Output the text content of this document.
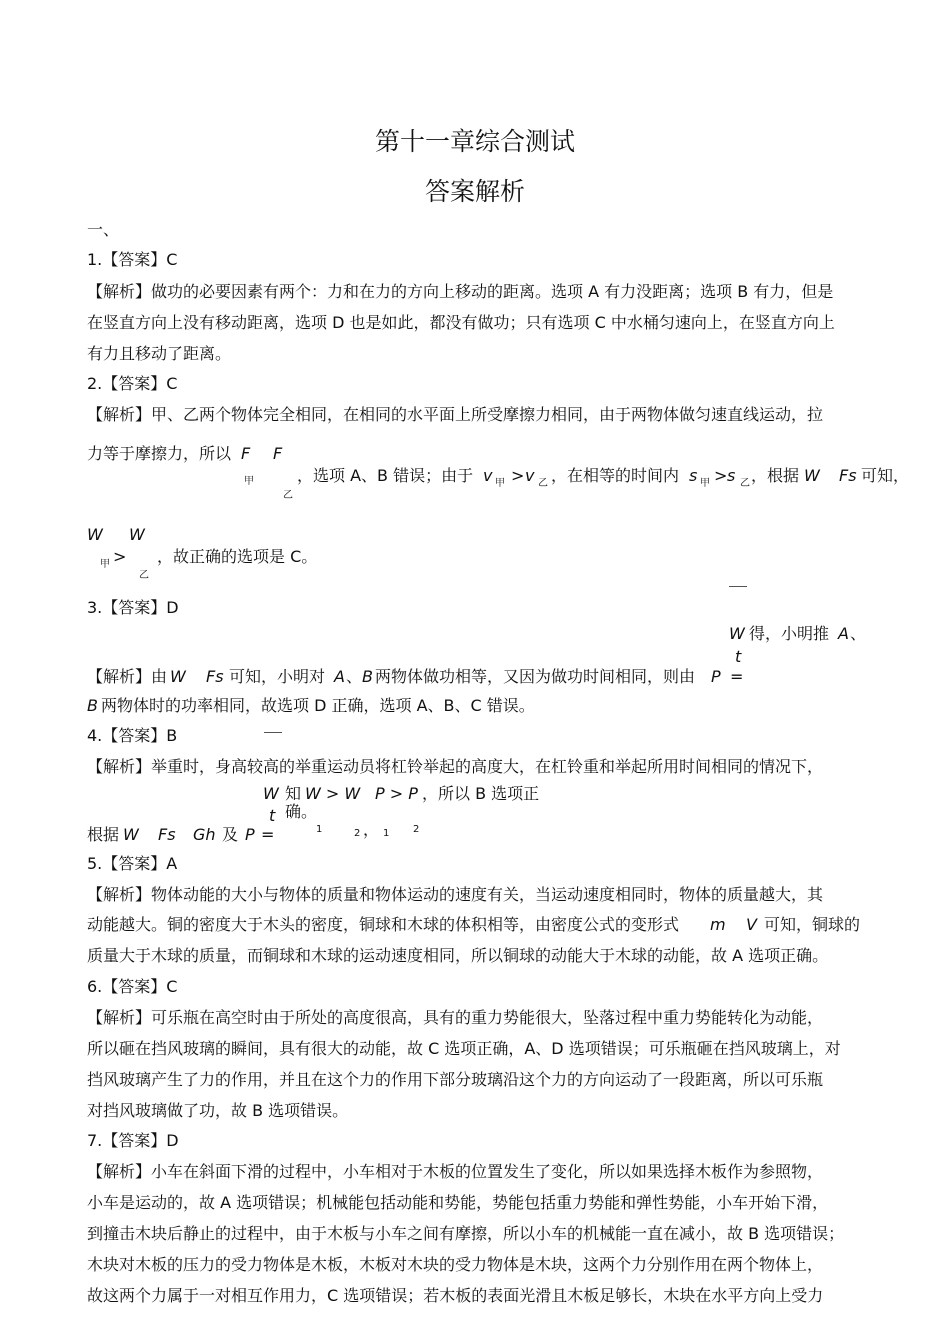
第十一章综合测试
答案解析
一、
1.【答案】C
【解析】做功的必要因素有两个：力和在力的方向上移动的距离。选项 A 有力没距离；选项 B 有力，但是
在竖直方向上没有移动距离，选项 D 也是如此，都没有做功；只有选项 C 中水桶匀速向上，在竖直方向上
有力且移动了距离。
2.【答案】C
【解析】甲、乙两个物体完全相同，在相同的水平面上所受摩擦力相同，由于两物体做匀速直线运动，拉
力等于摩擦力，所以 F F
甲
乙
，选项 A、B 错误；由于 v 甲 > v 乙 ，在相等的时间内 s 甲 > s 乙 ，根据 W Fs 可知，
W W
甲 >
乙
，故正确的选项是 C。
3.【答案】D
W 得，小明推 A 、
t
【解析】由 W Fs 可知，小明对 A 、 B 两物体做功相等，又因为做功时间相同，则由 P =
B 两物体时的功率相同，故选项 D 正确，选项 A、B、C 错误。
4.【答案】B
【解析】举重时，身高较高的举重运动员将杠铃举起的高度大，在杠铃重和举起所用时间相同的情况下，
W 知 W > W P > P ，所以 B 选项正
确。
t
根据 W Fs Gh 及 P =	1	2 ， 1 2
5.【答案】A
【解析】物体动能的大小与物体的质量和物体运动的速度有关，当运动速度相同时，物体的质量越大，其
动能越大。铜的密度大于木头的密度，铜球和木球的体积相等，由密度公式的变形式 m V 可知，铜球的
质量大于木球的质量，而铜球和木球的运动速度相同，所以铜球的动能大于木球的动能，故 A 选项正确。
6.【答案】C
【解析】可乐瓶在高空时由于所处的高度很高，具有的重力势能很大，坠落过程中重力势能转化为动能，
所以砸在挡风玻璃的瞬间，具有很大的动能，故 C 选项正确，A、D 选项错误；可乐瓶砸在挡风玻璃上，对
挡风玻璃产生了力的作用，并且在这个力的作用下部分玻璃沿这个力的方向运动了一段距离，所以可乐瓶
对挡风玻璃做了功，故 B 选项错误。
7.【答案】D
【解析】小车在斜面下滑的过程中，小车相对于木板的位置发生了变化，所以如果选择木板作为参照物，
小车是运动的，故 A 选项错误；机械能包括动能和势能，势能包括重力势能和弹性势能，小车开始下滑，
到撞击木块后静止的过程中，由于木板与小车之间有摩擦，所以小车的机械能一直在减小，故 B 选项错误；
木块对木板的压力的受力物体是木板，木板对木块的受力物体是木块，这两个力分别作用在两个物体上，
故这两个力属于一对相互作用力，C 选项错误；若木板的表面光滑且木板足够长，木块在水平方向上受力
